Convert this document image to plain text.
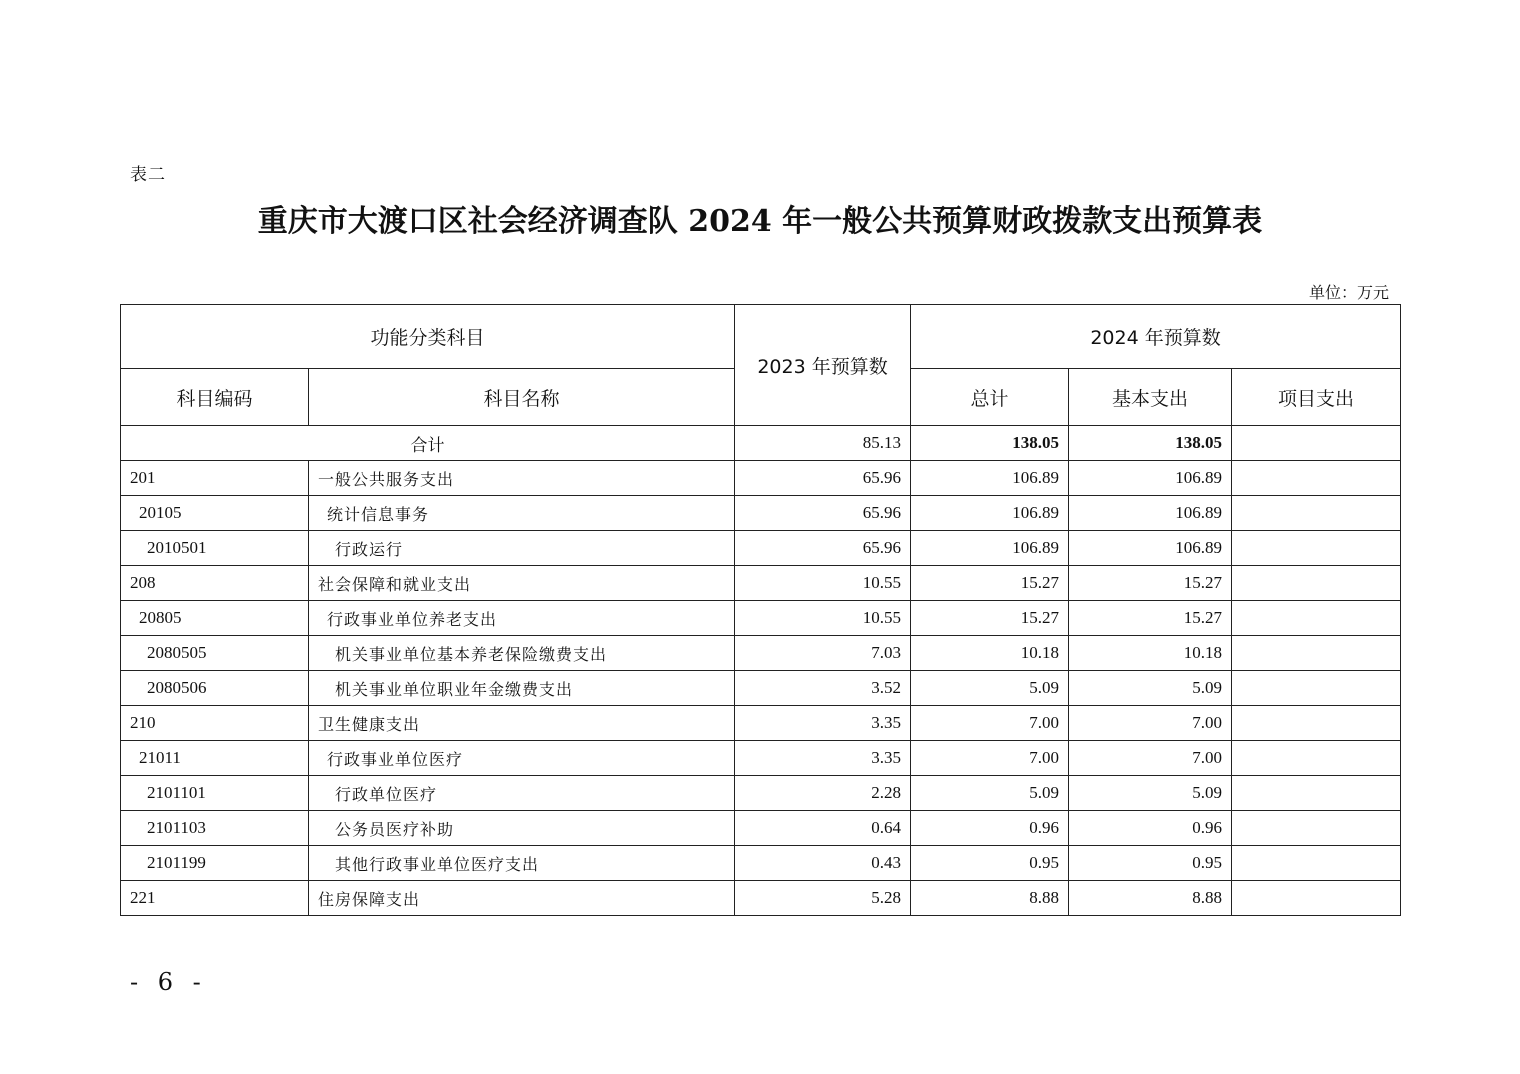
表二
重庆市大渡口区社会经济调查队 2024 年一般公共预算财政拨款支出预算表
单位：万元
功能分类科目		2023 年预算数	2024 年预算数		
科目编码	科目名称		总计	基本支出	项目支出
合计		85.13	138.05	138.05	
201	一般公共服务支出	65.96	106.89	106.89	
20105	统计信息事务	65.96	106.89	106.89	
2010501	行政运行	65.96	106.89	106.89	
208	社会保障和就业支出	10.55	15.27	15.27	
20805	行政事业单位养老支出	10.55	15.27	15.27	
2080505	机关事业单位基本养老保险缴费支出	7.03	10.18	10.18	
2080506	机关事业单位职业年金缴费支出	3.52	5.09	5.09	
210	卫生健康支出	3.35	7.00	7.00	
21011	行政事业单位医疗	3.35	7.00	7.00	
2101101	行政单位医疗	2.28	5.09	5.09	
2101103	公务员医疗补助	0.64	0.96	0.96	
2101199	其他行政事业单位医疗支出	0.43	0.95	0.95	
221	住房保障支出	5.28	8.88	8.88	
- 6 -
